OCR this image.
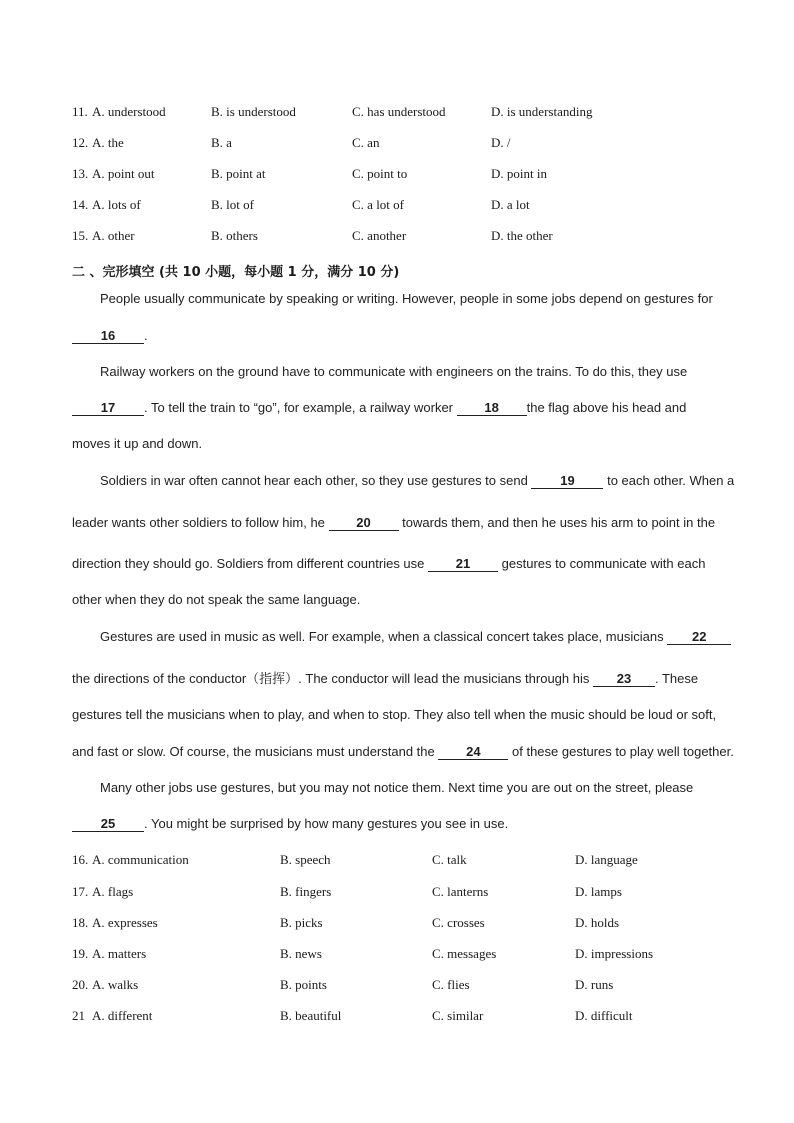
11. A. understood	B. is understood	C. has understood	D. is understanding
12. A. the	B. a	C. an	D. /
13. A. point out	B. point at	C. point to	D. point in
14. A. lots of	B. lot of	C. a lot of	D. a lot
15. A. other	B. others	C. another	D. the other
二 、完形填空 (共 10 小题，每小题 1 分，满分 10 分)
People usually communicate by speaking or writing. However, people in some jobs depend on gestures for
16 .
Railway workers on the ground have to communicate with engineers on the trains. To do this, they use
17 . To tell the train to “go”, for example, a railway worker 18 the flag above his head and
moves it up and down.
Soldiers in war often cannot hear each other, so they use gestures to send 19 to each other. When a
leader wants other soldiers to follow him, he 20 towards them, and then he uses his arm to point in the
direction they should go. Soldiers from different countries use 21 gestures to communicate with each
other when they do not speak the same language.
Gestures are used in music as well. For example, when a classical concert takes place, musicians 22
the directions of the conductor（指挥）. The conductor will lead the musicians through his 23 . These
gestures tell the musicians when to play, and when to stop. They also tell when the music should be loud or soft,
and fast or slow. Of course, the musicians must understand the 24 of these gestures to play well together.
Many other jobs use gestures, but you may not notice them. Next time you are out on the street, please
25 . You might be surprised by how many gestures you see in use.
16. A. communication	B. speech	C. talk	D. language
17. A. flags	B. fingers	C. lanterns	D. lamps
18. A. expresses	B. picks	C. crosses	D. holds
19. A. matters	B. news	C. messages	D. impressions
20. A. walks	B. points	C. flies	D. runs
21 A. different	B. beautiful	C. similar	D. difficult
